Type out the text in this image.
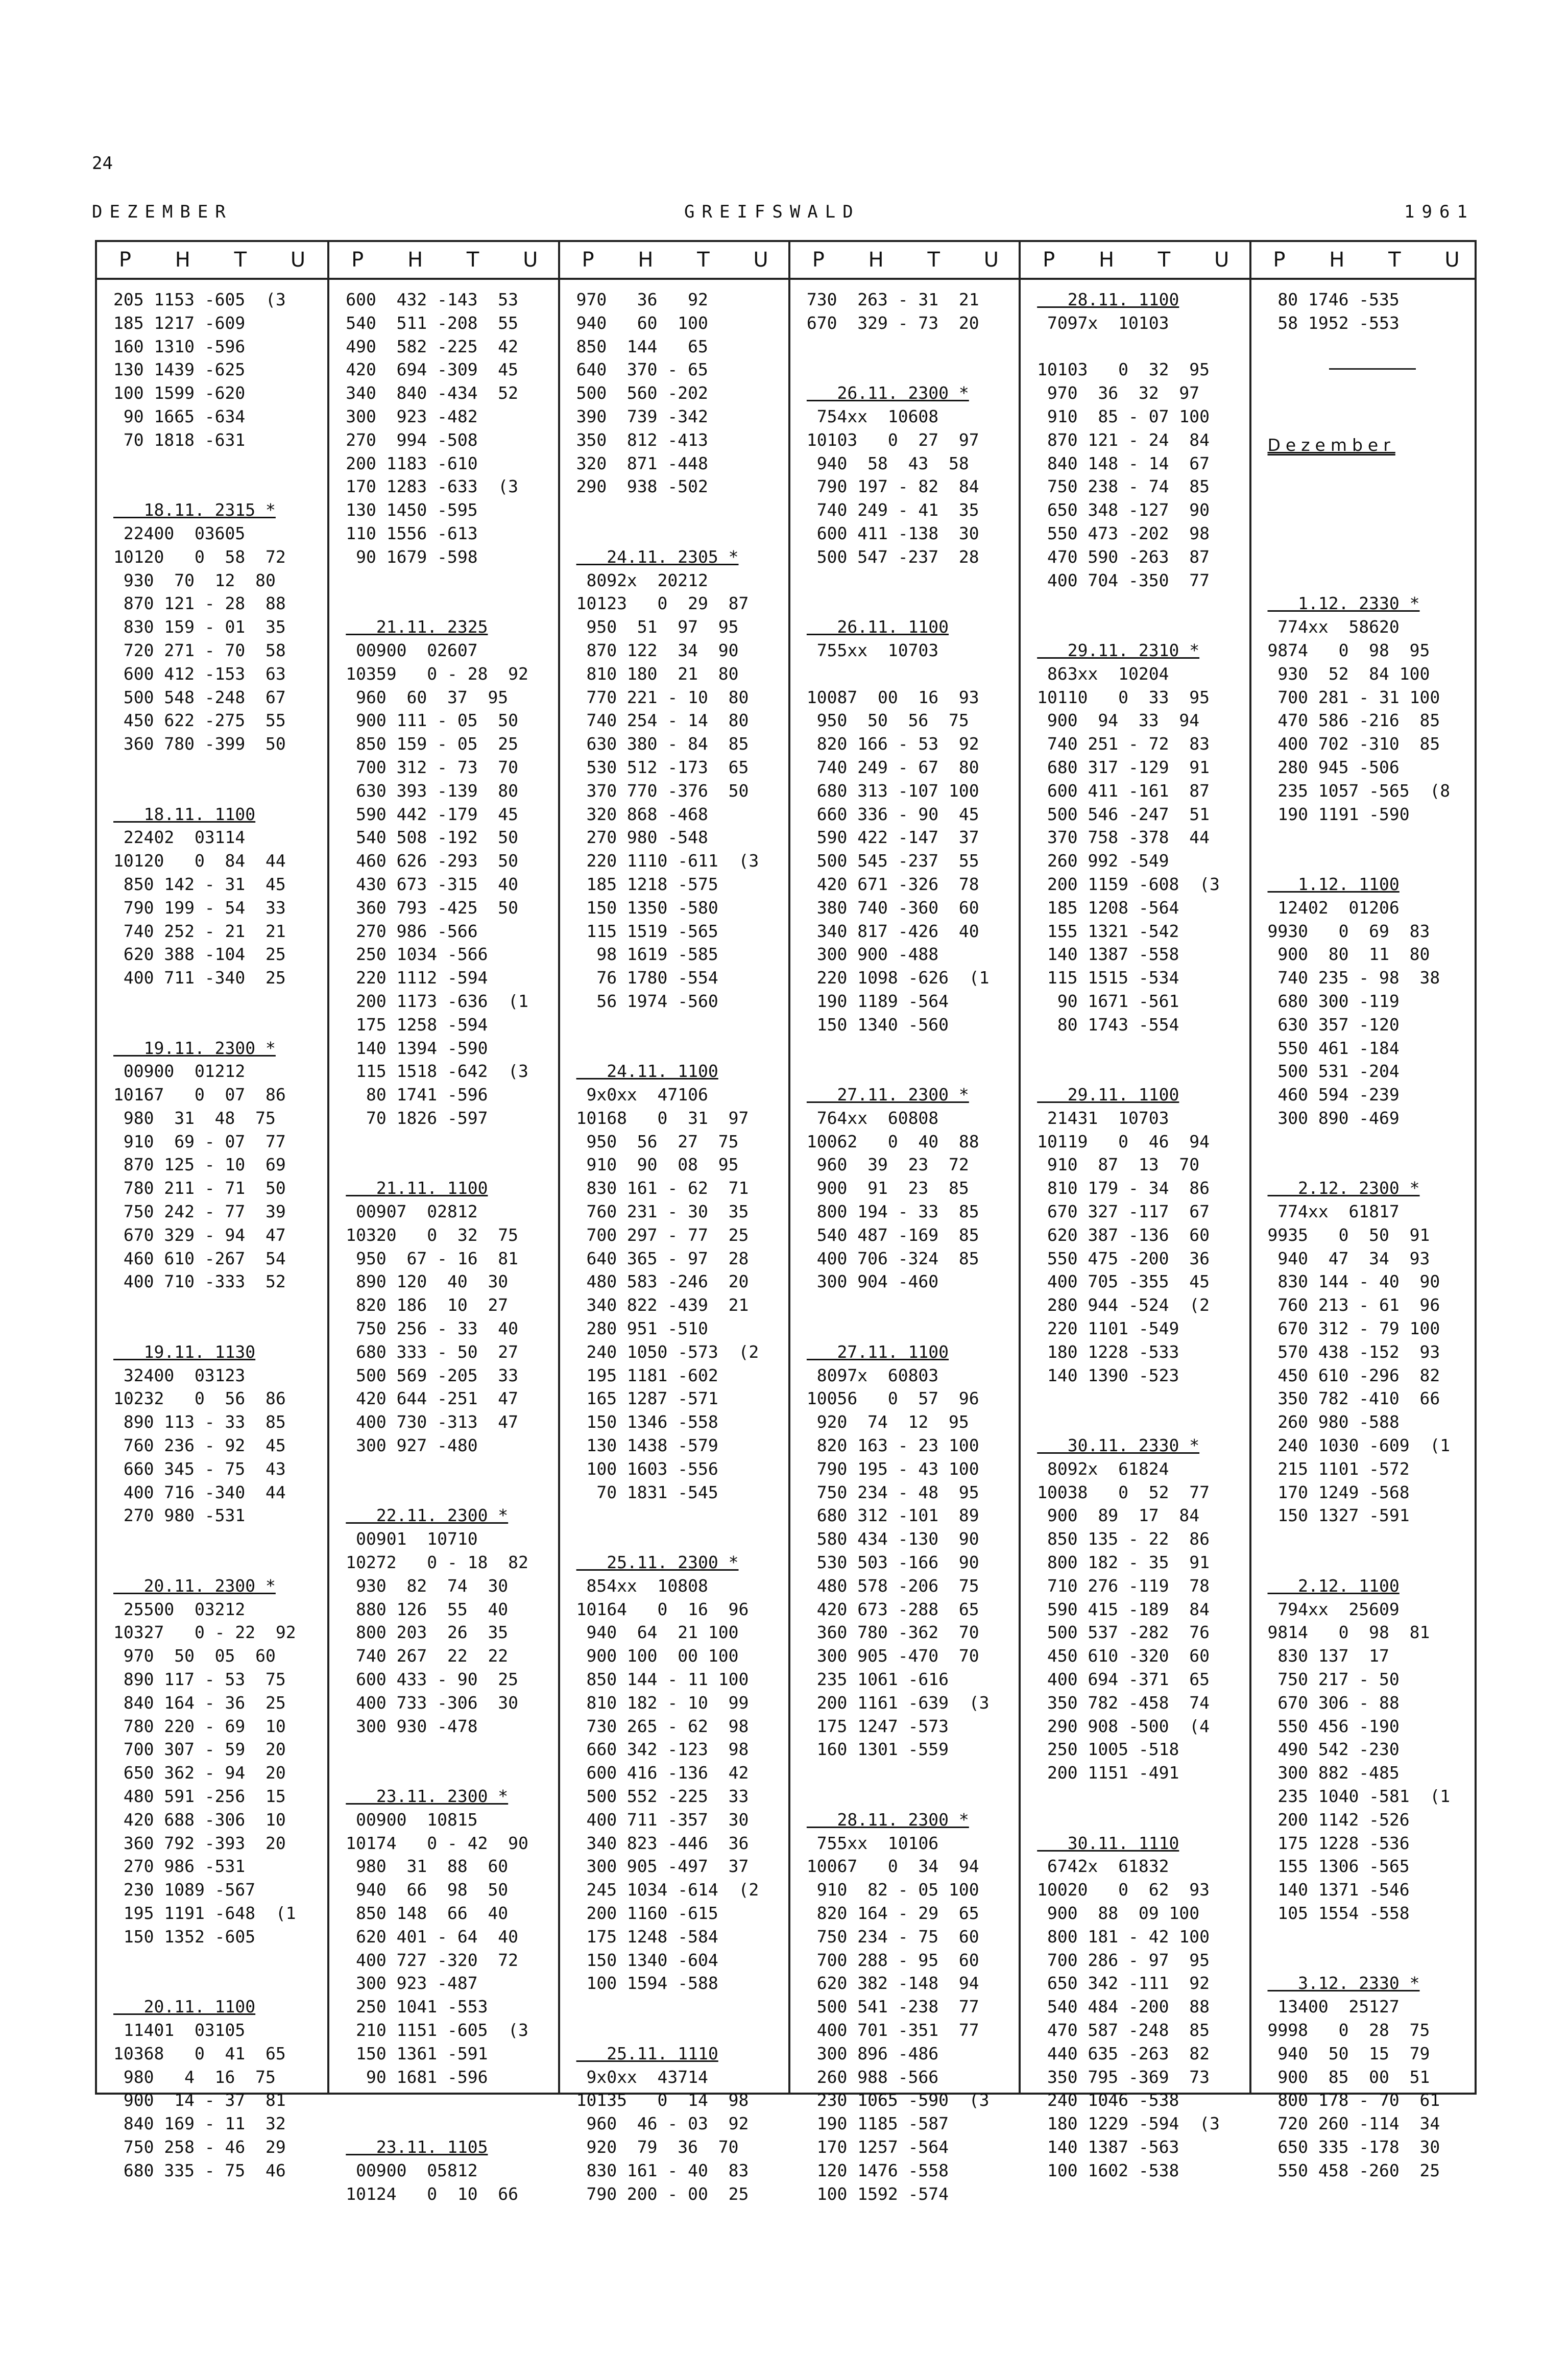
24
DEZEMBER	GREIFSWALD	1961
P H T U P H T U P H T U P H T U P H T U P H T U
205 1153 -605  (3
185 1217 -609
160 1310 -596
130 1439 -625
100 1599 -620
90 1665 -634
70 1818 -631
18.11. 2315 *
22400  03605
10120   0  58  72
930  70  12  80
870 121 - 28  88
830 159 - 01  35
720 271 - 70  58
600 412 -153  63
500 548 -248  67
450 622 -275  55
360 780 -399  50
18.11. 1100
22402  03114
10120   0  84  44
850 142 - 31  45
790 199 - 54  33
740 252 - 21  21
620 388 -104  25
400 711 -340  25
19.11. 2300 *
00900  01212
10167   0  07  86
980  31  48  75
910  69 - 07  77
870 125 - 10  69
780 211 - 71  50
750 242 - 77  39
670 329 - 94  47
460 610 -267  54
400 710 -333  52
19.11. 1130
32400  03123
10232   0  56  86
890 113 - 33  85
760 236 - 92  45
660 345 - 75  43
400 716 -340  44
270 980 -531
20.11. 2300 *
25500  03212
10327   0 - 22  92
970  50  05  60
890 117 - 53  75
840 164 - 36  25
780 220 - 69  10
700 307 - 59  20
650 362 - 94  20
480 591 -256  15
420 688 -306  10
360 792 -393  20
270 986 -531
230 1089 -567
195 1191 -648  (1
150 1352 -605
20.11. 1100
11401  03105
10368   0  41  65
980   4  16  75
900  14 - 37  81
840 169 - 11  32
750 258 - 46  29
680 335 - 75  46
600  432 -143  53
540  511 -208  55
490  582 -225  42
420  694 -309  45
340  840 -434  52
300  923 -482
270  994 -508
200 1183 -610
170 1283 -633  (3
130 1450 -595
110 1556 -613
90 1679 -598
21.11. 2325
00900  02607
10359   0 - 28  92
960  60  37  95
900 111 - 05  50
850 159 - 05  25
700 312 - 73  70
630 393 -139  80
590 442 -179  45
540 508 -192  50
460 626 -293  50
430 673 -315  40
360 793 -425  50
270 986 -566
250 1034 -566
220 1112 -594
200 1173 -636  (1
175 1258 -594
140 1394 -590
115 1518 -642  (3
80 1741 -596
70 1826 -597
21.11. 1100
00907  02812
10320   0  32  75
950  67 - 16  81
890 120  40  30
820 186  10  27
750 256 - 33  40
680 333 - 50  27
500 569 -205  33
420 644 -251  47
400 730 -313  47
300 927 -480
22.11. 2300 *
00901  10710
10272   0 - 18  82
930  82  74  30
880 126  55  40
800 203  26  35
740 267  22  22
600 433 - 90  25
400 733 -306  30
300 930 -478
23.11. 2300 *
00900  10815
10174   0 - 42  90
980  31  88  60
940  66  98  50
850 148  66  40
620 401 - 64  40
400 727 -320  72
300 923 -487
250 1041 -553
210 1151 -605  (3
150 1361 -591
90 1681 -596
23.11. 1105
00900  05812
10124   0  10  66
970   36   92
940   60  100
850  144   65
640  370 - 65
500  560 -202
390  739 -342
350  812 -413
320  871 -448
290  938 -502
24.11. 2305 *
8092x  20212
10123   0  29  87
950  51  97  95
870 122  34  90
810 180  21  80
770 221 - 10  80
740 254 - 14  80
630 380 - 84  85
530 512 -173  65
370 770 -376  50
320 868 -468
270 980 -548
220 1110 -611  (3
185 1218 -575
150 1350 -580
115 1519 -565
98 1619 -585
76 1780 -554
56 1974 -560
24.11. 1100
9x0xx  47106
10168   0  31  97
950  56  27  75
910  90  08  95
830 161 - 62  71
760 231 - 30  35
700 297 - 77  25
640 365 - 97  28
480 583 -246  20
340 822 -439  21
280 951 -510
240 1050 -573  (2
195 1181 -602
165 1287 -571
150 1346 -558
130 1438 -579
100 1603 -556
70 1831 -545
25.11. 2300 *
854xx  10808
10164   0  16  96
940  64  21 100
900 100  00 100
850 144 - 11 100
810 182 - 10  99
730 265 - 62  98
660 342 -123  98
600 416 -136  42
500 552 -225  33
400 711 -357  30
340 823 -446  36
300 905 -497  37
245 1034 -614  (2
200 1160 -615
175 1248 -584
150 1340 -604
100 1594 -588
25.11. 1110
9x0xx  43714
10135   0  14  98
960  46 - 03  92
920  79  36  70
830 161 - 40  83
790 200 - 00  25
730  263 - 31  21
670  329 - 73  20
26.11. 2300 *
754xx  10608
10103   0  27  97
940  58  43  58
790 197 - 82  84
740 249 - 41  35
600 411 -138  30
500 547 -237  28
26.11. 1100
755xx  10703
10087  00  16  93
950  50  56  75
820 166 - 53  92
740 249 - 67  80
680 313 -107 100
660 336 - 90  45
590 422 -147  37
500 545 -237  55
420 671 -326  78
380 740 -360  60
340 817 -426  40
300 900 -488
220 1098 -626  (1
190 1189 -564
150 1340 -560
27.11. 2300 *
764xx  60808
10062   0  40  88
960  39  23  72
900  91  23  85
800 194 - 33  85
540 487 -169  85
400 706 -324  85
300 904 -460
27.11. 1100
8097x  60803
10056   0  57  96
920  74  12  95
820 163 - 23 100
790 195 - 43 100
750 234 - 48  95
680 312 -101  89
580 434 -130  90
530 503 -166  90
480 578 -206  75
420 673 -288  65
360 780 -362  70
300 905 -470  70
235 1061 -616
200 1161 -639  (3
175 1247 -573
160 1301 -559
28.11. 2300 *
755xx  10106
10067   0  34  94
910  82 - 05 100
820 164 - 29  65
750 234 - 75  60
700 288 - 95  60
620 382 -148  94
500 541 -238  77
400 701 -351  77
300 896 -486
260 988 -566
230 1065 -590  (3
190 1185 -587
170 1257 -564
120 1476 -558
100 1592 -574
28.11. 1100
7097x  10103
10103   0  32  95
970  36  32  97
910  85 - 07 100
870 121 - 24  84
840 148 - 14  67
750 238 - 74  85
650 348 -127  90
550 473 -202  98
470 590 -263  87
400 704 -350  77
29.11. 2310 *
863xx  10204
10110   0  33  95
900  94  33  94
740 251 - 72  83
680 317 -129  91
600 411 -161  87
500 546 -247  51
370 758 -378  44
260 992 -549
200 1159 -608  (3
185 1208 -564
155 1321 -542
140 1387 -558
115 1515 -534
90 1671 -561
80 1743 -554
29.11. 1100
21431  10703
10119   0  46  94
910  87  13  70
810 179 - 34  86
670 327 -117  67
620 387 -136  60
550 475 -200  36
400 705 -355  45
280 944 -524  (2
220 1101 -549
180 1228 -533
140 1390 -523
30.11. 2330 *
8092x  61824
10038   0  52  77
900  89  17  84
850 135 - 22  86
800 182 - 35  91
710 276 -119  78
590 415 -189  84
500 537 -282  76
450 610 -320  60
400 694 -371  65
350 782 -458  74
290 908 -500  (4
250 1005 -518
200 1151 -491
30.11. 1110
6742x  61832
10020   0  62  93
900  88  09 100
800 181 - 42 100
700 286 - 97  95
650 342 -111  92
540 484 -200  88
470 587 -248  85
440 635 -263  82
350 795 -369  73
240 1046 -538
180 1229 -594  (3
140 1387 -563
100 1602 -538
80 1746 -535
58 1952 -553
Dezember
1.12. 2330 *
774xx  58620
9874   0  98  95
930  52  84 100
700 281 - 31 100
470 586 -216  85
400 702 -310  85
280 945 -506
235 1057 -565  (8
190 1191 -590
1.12. 1100
12402  01206
9930   0  69  83
900  80  11  80
740 235 - 98  38
680 300 -119
630 357 -120
550 461 -184
500 531 -204
460 594 -239
300 890 -469
2.12. 2300 *
774xx  61817
9935   0  50  91
940  47  34  93
830 144 - 40  90
760 213 - 61  96
670 312 - 79 100
570 438 -152  93
450 610 -296  82
350 782 -410  66
260 980 -588
240 1030 -609  (1
215 1101 -572
170 1249 -568
150 1327 -591
2.12. 1100
794xx  25609
9814   0  98  81
830 137  17
750 217 - 50
670 306 - 88
550 456 -190
490 542 -230
300 882 -485
235 1040 -581  (1
200 1142 -526
175 1228 -536
155 1306 -565
140 1371 -546
105 1554 -558
3.12. 2330 *
13400  25127
9998   0  28  75
940  50  15  79
900  85  00  51
800 178 - 70  61
720 260 -114  34
650 335 -178  30
550 458 -260  25
